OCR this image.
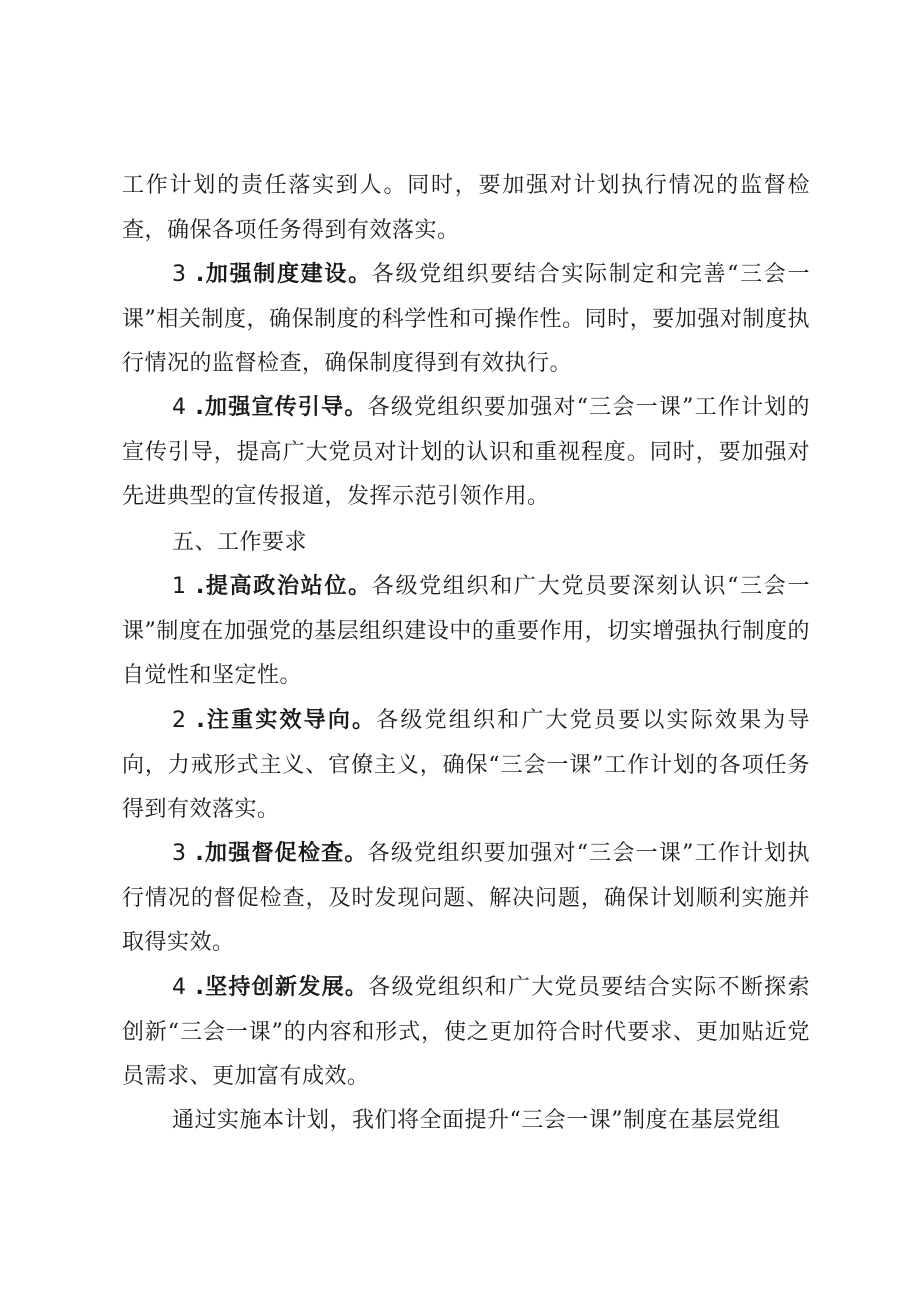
工作计划的责任落实到人。同时，要加强对计划执行情况的监督检查，确保各项任务得到有效落实。

3 .加强制度建设。各级党组织要结合实际制定和完善“三会一课”相关制度，确保制度的科学性和可操作性。同时，要加强对制度执行情况的监督检查，确保制度得到有效执行。

4 .加强宣传引导。各级党组织要加强对“三会一课”工作计划的宣传引导，提高广大党员对计划的认识和重视程度。同时，要加强对先进典型的宣传报道，发挥示范引领作用。

五、工作要求

1 .提高政治站位。各级党组织和广大党员要深刻认识“三会一课”制度在加强党的基层组织建设中的重要作用，切实增强执行制度的自觉性和坚定性。

2 .注重实效导向。各级党组织和广大党员要以实际效果为导向，力戒形式主义、官僚主义，确保“三会一课”工作计划的各项任务得到有效落实。

3 .加强督促检查。各级党组织要加强对“三会一课”工作计划执行情况的督促检查，及时发现问题、解决问题，确保计划顺利实施并取得实效。

4 .坚持创新发展。各级党组织和广大党员要结合实际不断探索创新“三会一课”的内容和形式，使之更加符合时代要求、更加贴近党员需求、更加富有成效。

通过实施本计划，我们将全面提升“三会一课”制度在基层党组
